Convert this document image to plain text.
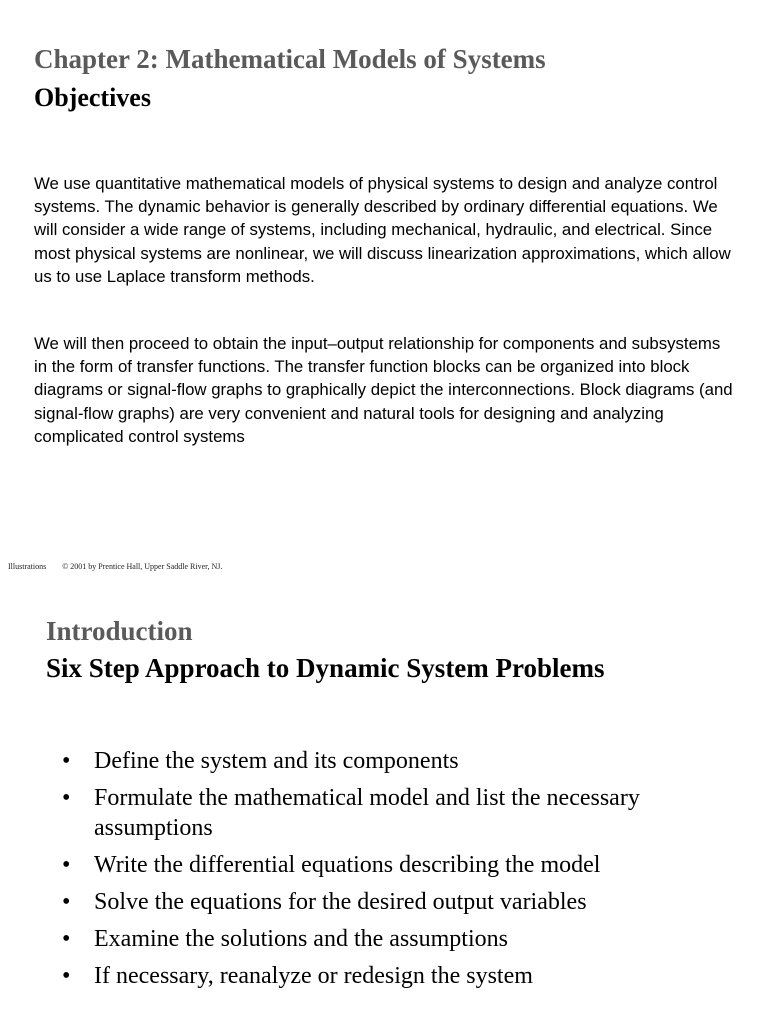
Chapter 2: Mathematical Models of Systems
Objectives

We use quantitative mathematical models of physical systems to design and analyze control systems. The dynamic behavior is generally described by ordinary differential equations. We will consider a wide range of systems, including mechanical, hydraulic, and electrical. Since most physical systems are nonlinear, we will discuss linearization approximations, which allow us to use Laplace transform methods.

We will then proceed to obtain the input–output relationship for components and subsystems in the form of transfer functions. The transfer function blocks can be organized into block diagrams or signal-flow graphs to graphically depict the interconnections. Block diagrams (and signal-flow graphs) are very convenient and natural tools for designing and analyzing complicated control systems

Illustrations © 2001 by Prentice Hall, Upper Saddle River, NJ.
Introduction
Six Step Approach to Dynamic System Problems
• Define the system and its components
• Formulate the mathematical model and list the necessary assumptions
• Write the differential equations describing the model
• Solve the equations for the desired output variables
• Examine the solutions and the assumptions
• If necessary, reanalyze or redesign the system
